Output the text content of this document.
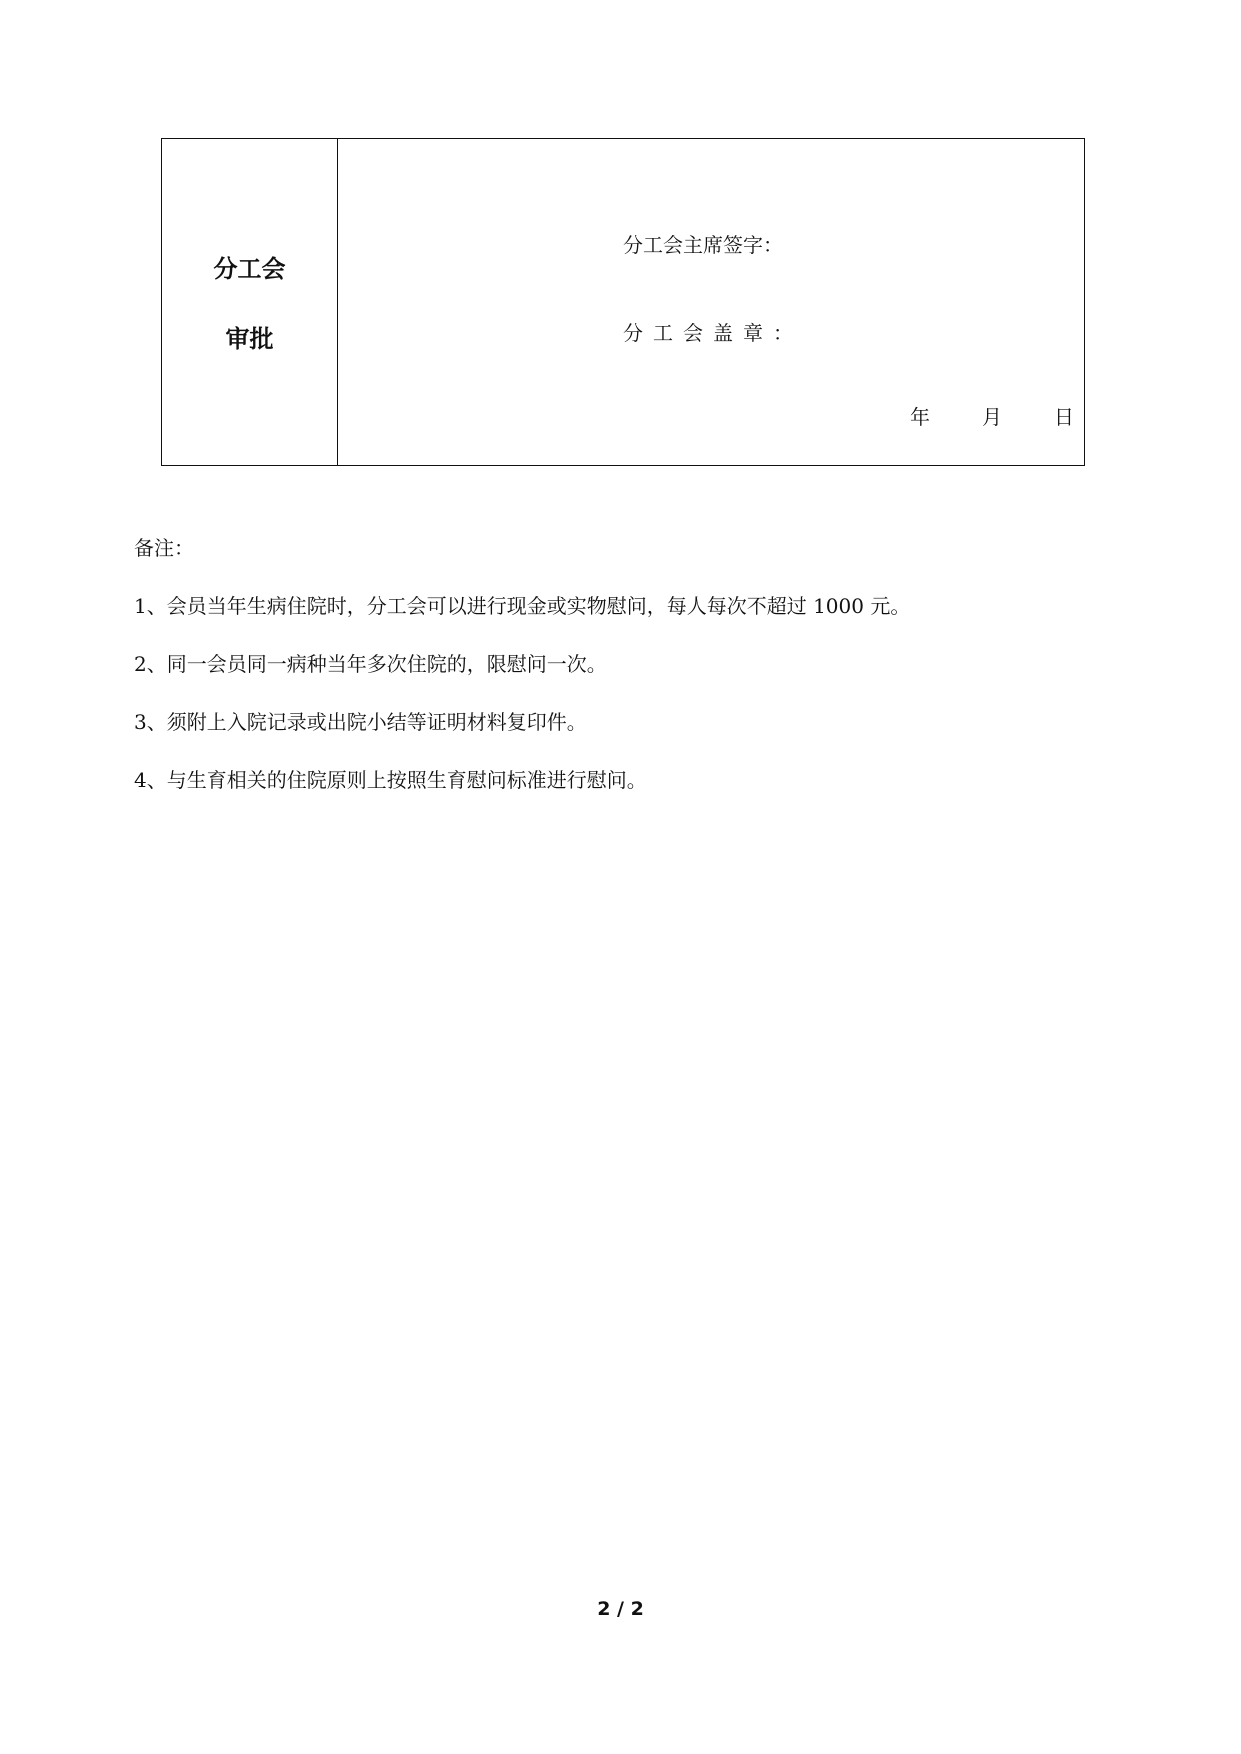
分工会
审批
分工会主席签字：
分工会盖章：
年	月	日
备注：
1、会员当年生病住院时，分工会可以进行现金或实物慰问，每人每次不超过 1000 元。
2、同一会员同一病种当年多次住院的，限慰问一次。
3、须附上入院记录或出院小结等证明材料复印件。
4、与生育相关的住院原则上按照生育慰问标准进行慰问。
2 / 2
